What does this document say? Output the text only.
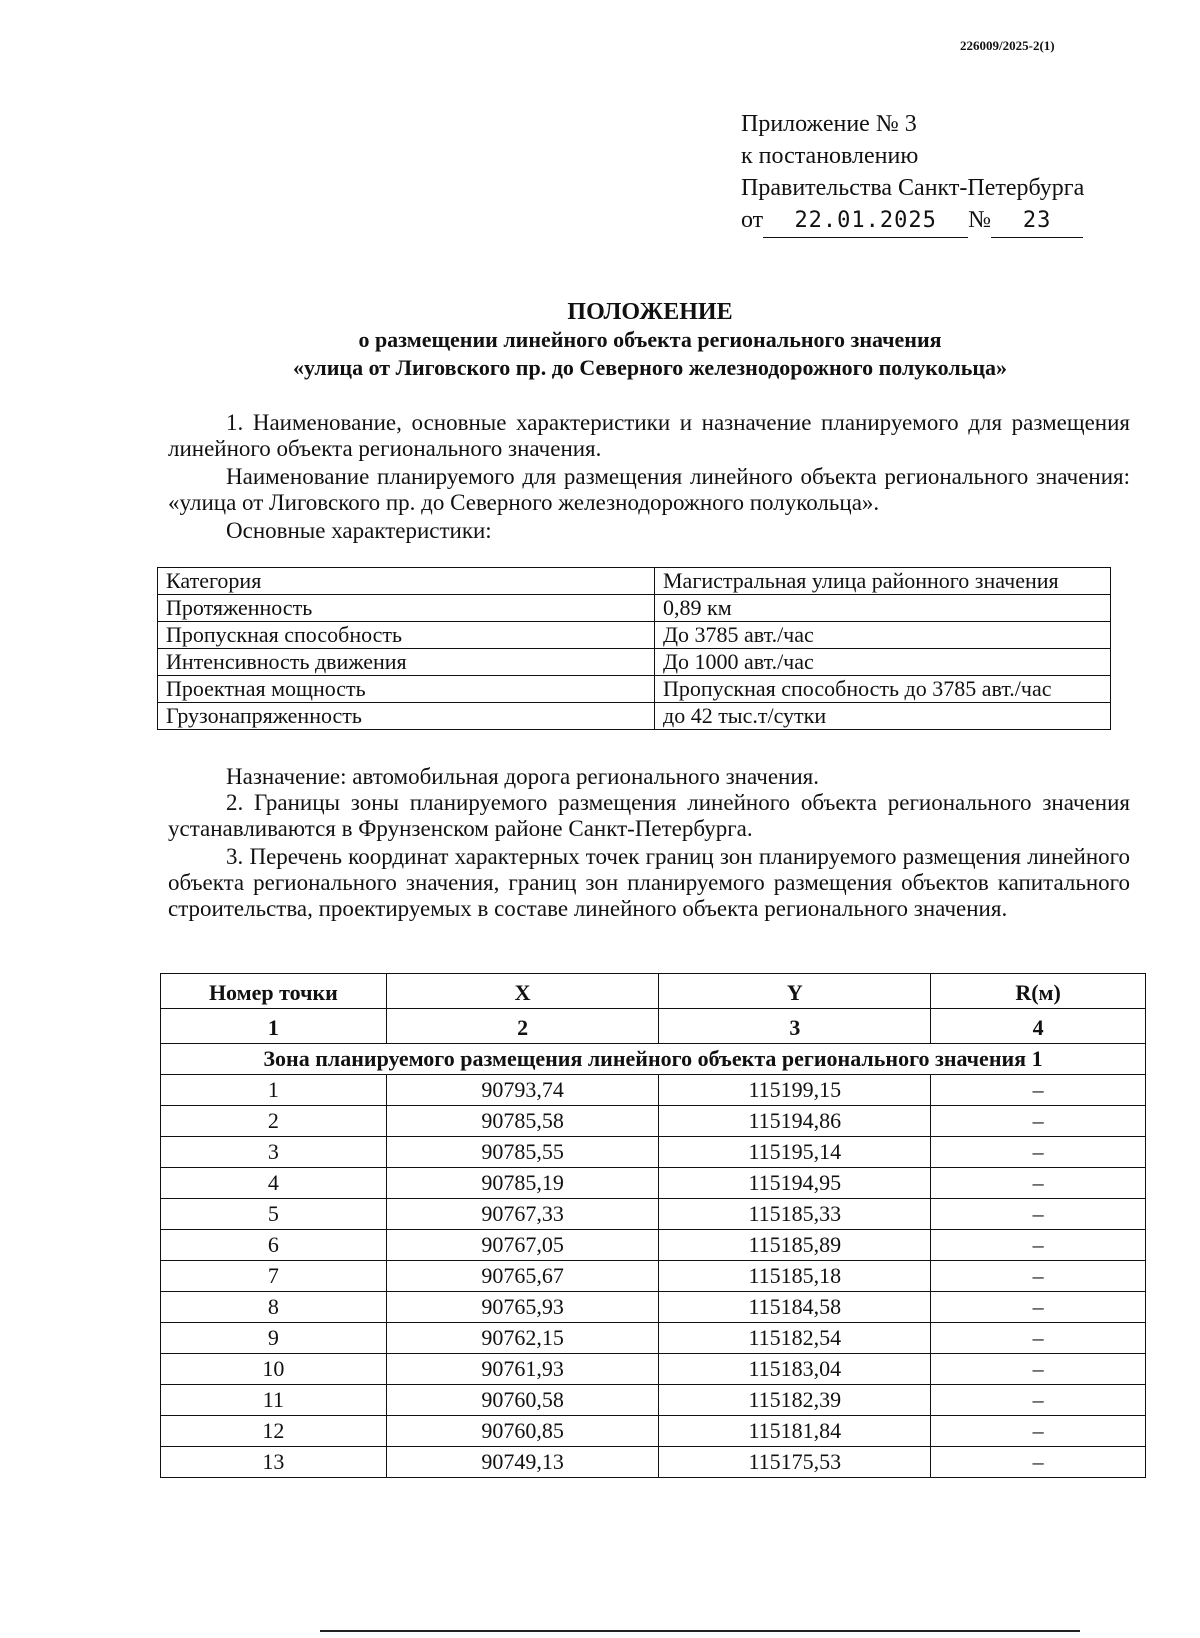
226009/2025-2(1)
Приложение № 3
к постановлению
Правительства Санкт-Петербурга
от 22.01.2025 № 23
ПОЛОЖЕНИЕ
о размещении линейного объекта регионального значения
«улица от Лиговского пр. до Северного железнодорожного полукольца»
1. Наименование, основные характеристики и назначение планируемого для размещения линейного объекта регионального значения.
Наименование планируемого для размещения линейного объекта регионального значения: «улица от Лиговского пр. до Северного железнодорожного полукольца».
Основные характеристики:
Категория	Магистральная улица районного значения
Протяженность	0,89 км
Пропускная способность	До 3785 авт./час
Интенсивность движения	До 1000 авт./час
Проектная мощность	Пропускная способность до 3785 авт./час
Грузонапряженность	до 42 тыс.т/сутки
Назначение: автомобильная дорога регионального значения.
2. Границы зоны планируемого размещения линейного объекта регионального значения устанавливаются в Фрунзенском районе Санкт-Петербурга.
3. Перечень координат характерных точек границ зон планируемого размещения линейного объекта регионального значения, границ зон планируемого размещения объектов капитального строительства, проектируемых в составе линейного объекта регионального значения.
Номер точки	X	Y	R(м)
1	2	3	4
Зона планируемого размещения линейного объекта регионального значения 1			
1	90793,74	115199,15	–
2	90785,58	115194,86	–
3	90785,55	115195,14	–
4	90785,19	115194,95	–
5	90767,33	115185,33	–
6	90767,05	115185,89	–
7	90765,67	115185,18	–
8	90765,93	115184,58	–
9	90762,15	115182,54	–
10	90761,93	115183,04	–
11	90760,58	115182,39	–
12	90760,85	115181,84	–
13	90749,13	115175,53	–
